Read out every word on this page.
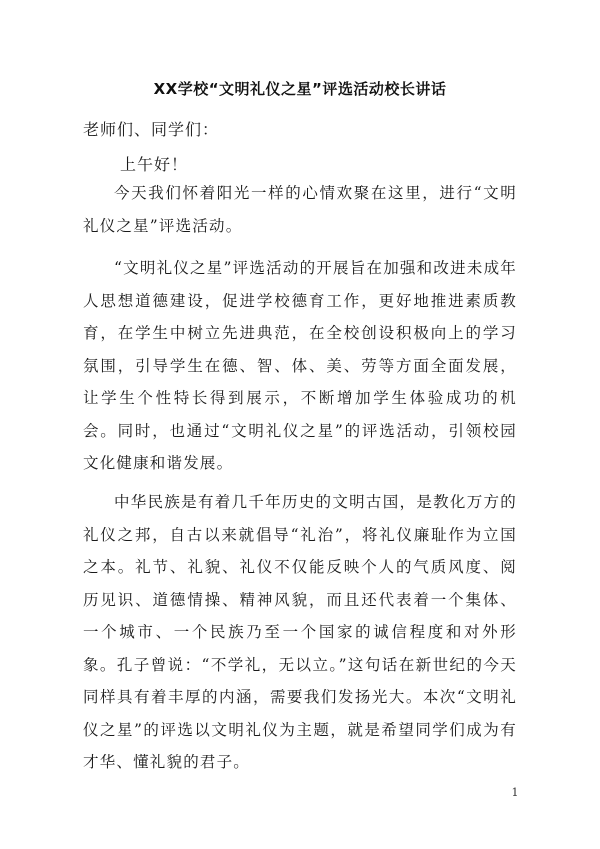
XX学校“文明礼仪之星”评选活动校长讲话
老师们、同学们：
上午好！

今天我们怀着阳光一样的心情欢聚在这里，进行“文明礼仪之星”评选活动。

“文明礼仪之星”评选活动的开展旨在加强和改进未成年人思想道德建设，促进学校德育工作，更好地推进素质教育，在学生中树立先进典范，在全校创设积极向上的学习氛围，引导学生在德、智、体、美、劳等方面全面发展，让学生个性特长得到展示，不断增加学生体验成功的机会。同时，也通过“文明礼仪之星”的评选活动，引领校园文化健康和谐发展。

中华民族是有着几千年历史的文明古国，是教化万方的礼仪之邦，自古以来就倡导“礼治”，将礼仪廉耻作为立国之本。礼节、礼貌、礼仪不仅能反映个人的气质风度、阅历见识、道德情操、精神风貌，而且还代表着一个集体、一个城市、一个民族乃至一个国家的诚信程度和对外形象。孔子曾说：“不学礼，无以立。”这句话在新世纪的今天同样具有着丰厚的内涵，需要我们发扬光大。本次“文明礼仪之星”的评选以文明礼仪为主题，就是希望同学们成为有才华、懂礼貌的君子。

1
